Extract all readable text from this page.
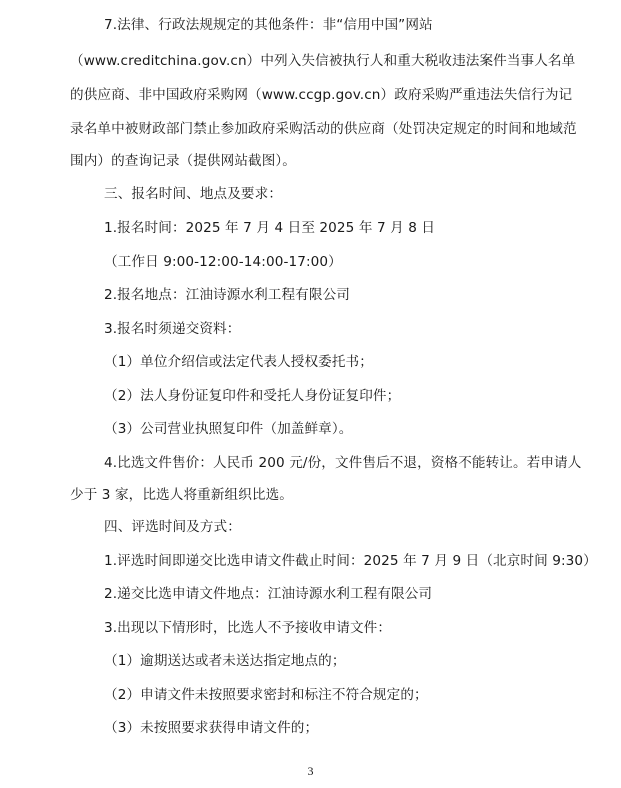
7.法律、行政法规规定的其他条件：非“信用中国”网站
（www.creditchina.gov.cn）中列入失信被执行人和重大税收违法案件当事人名单
的供应商、非中国政府采购网（www.ccgp.gov.cn）政府采购严重违法失信行为记
录名单中被财政部门禁止参加政府采购活动的供应商（处罚决定规定的时间和地域范
围内）的查询记录（提供网站截图）。
三、报名时间、地点及要求：
1.报名时间：2025 年 7 月 4 日至 2025 年 7 月 8 日
（工作日 9:00-12:00-14:00-17:00）
2.报名地点：江油诗源水利工程有限公司
3.报名时须递交资料：
（1）单位介绍信或法定代表人授权委托书；
（2）法人身份证复印件和受托人身份证复印件；
（3）公司营业执照复印件（加盖鲜章）。
4.比选文件售价：人民币 200 元/份，文件售后不退，资格不能转让。若申请人
少于 3 家，比选人将重新组织比选。
四、评选时间及方式：
1.评选时间即递交比选申请文件截止时间：2025 年 7 月 9 日（北京时间 9:30）
2.递交比选申请文件地点：江油诗源水利工程有限公司
3.出现以下情形时，比选人不予接收申请文件：
（1）逾期送达或者未送达指定地点的；
（2）申请文件未按照要求密封和标注不符合规定的；
（3）未按照要求获得申请文件的；
3
